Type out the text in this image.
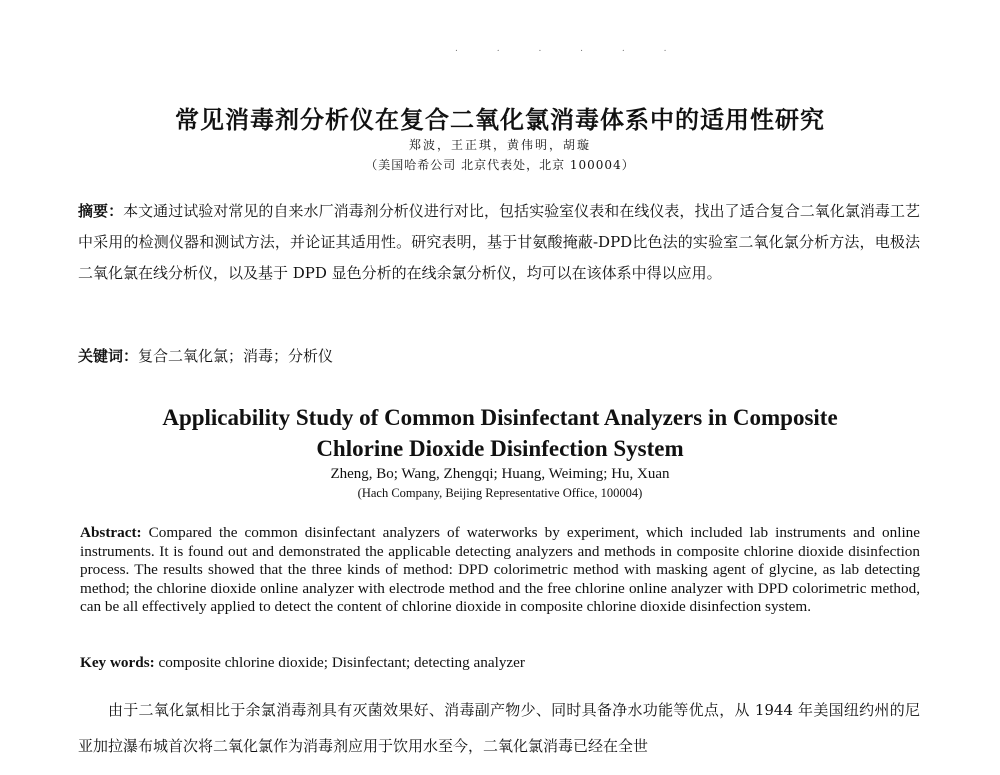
. . . . . .
常见消毒剂分析仪在复合二氧化氯消毒体系中的适用性研究
郑波，王正琪，黄伟明，胡璇
（美国哈希公司 北京代表处，北京 100004）
摘要：本文通过试验对常见的自来水厂消毒剂分析仪进行对比，包括实验室仪表和在线仪表，找出了适合复合二氧化氯消毒工艺中采用的检测仪器和测试方法，并论证其适用性。研究表明，基于甘氨酸掩蔽-DPD比色法的实验室二氧化氯分析方法，电极法二氧化氯在线分析仪，以及基于 DPD 显色分析的在线余氯分析仪，均可以在该体系中得以应用。
关键词：复合二氧化氯；消毒；分析仪
Applicability Study of Common Disinfectant Analyzers in Composite
Chlorine Dioxide Disinfection System
Zheng, Bo; Wang, Zhengqi; Huang, Weiming; Hu, Xuan
(Hach Company, Beijing Representative Office, 100004)
Abstract: Compared the common disinfectant analyzers of waterworks by experiment, which included lab instruments and online instruments. It is found out and demonstrated the applicable detecting analyzers and methods in composite chlorine dioxide disinfection process. The results showed that the three kinds of method: DPD colorimetric method with masking agent of glycine, as lab detecting method; the chlorine dioxide online analyzer with electrode method and the free chlorine online analyzer with DPD colorimetric method, can be all effectively applied to detect the content of chlorine dioxide in composite chlorine dioxide disinfection system.
Key words: composite chlorine dioxide; Disinfectant; detecting analyzer
由于二氧化氯相比于余氯消毒剂具有灭菌效果好、消毒副产物少、同时具备净水功能等优点，从 1944 年美国纽约州的尼亚加拉瀑布城首次将二氧化氯作为消毒剂应用于饮用水至今，二氧化氯消毒已经在全世
